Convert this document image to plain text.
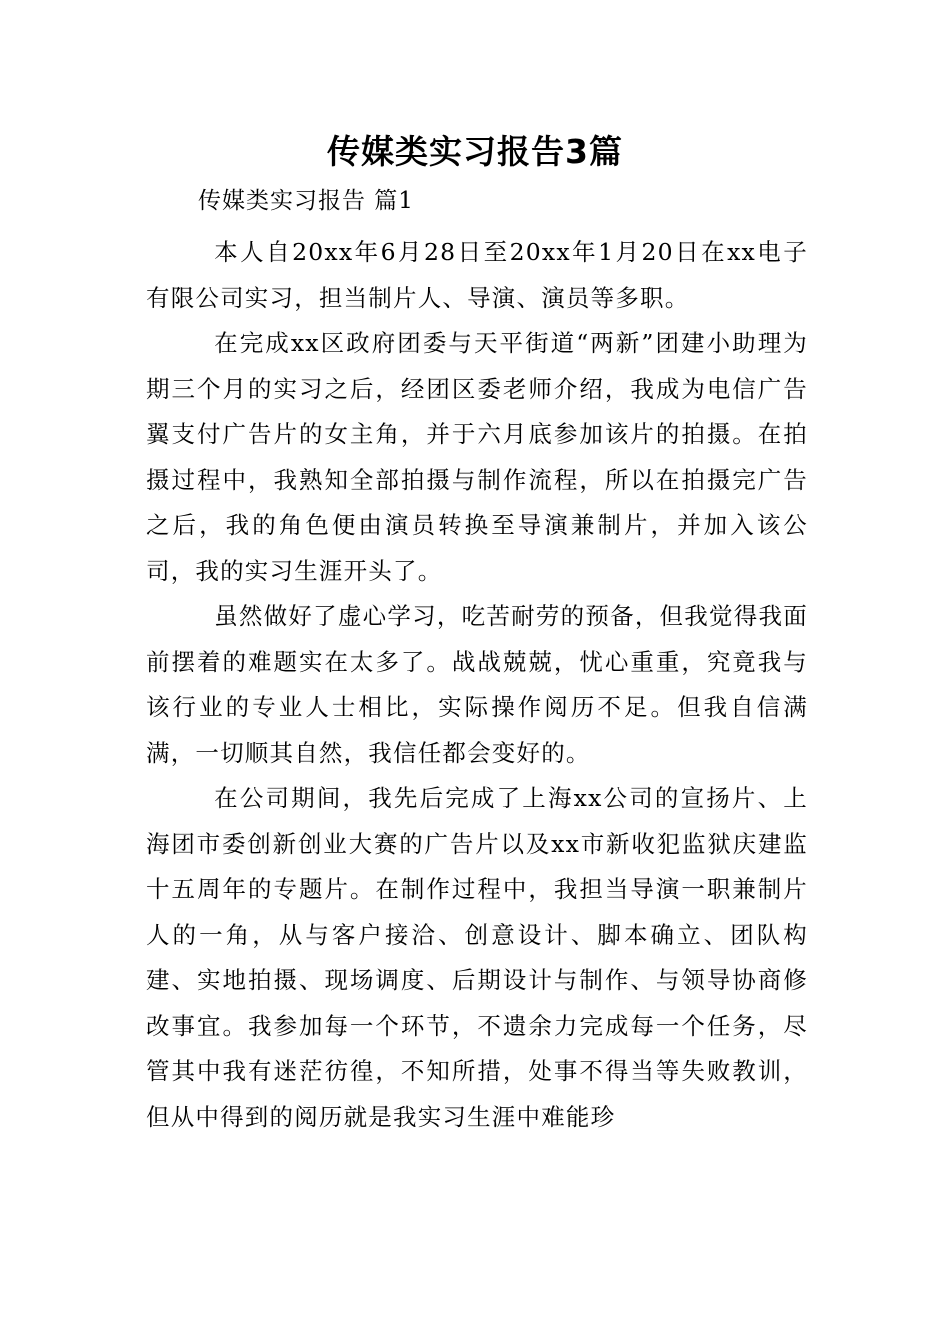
传媒类实习报告3篇

传媒类实习报告 篇1

本人自20xx年6月28日至20xx年1月20日在xx电子有限公司实习，担当制片人、导演、演员等多职。

在完成xx区政府团委与天平街道“两新”团建小助理为期三个月的实习之后，经团区委老师介绍，我成为电信广告翼支付广告片的女主角，并于六月底参加该片的拍摄。在拍摄过程中，我熟知全部拍摄与制作流程，所以在拍摄完广告之后，我的角色便由演员转换至导演兼制片，并加入该公司，我的实习生涯开头了。

虽然做好了虚心学习，吃苦耐劳的预备，但我觉得我面前摆着的难题实在太多了。战战兢兢，忧心重重，究竟我与该行业的专业人士相比，实际操作阅历不足。但我自信满满，一切顺其自然，我信任都会变好的。

在公司期间，我先后完成了上海xx公司的宣扬片、上海团市委创新创业大赛的广告片以及xx市新收犯监狱庆建监十五周年的专题片。在制作过程中，我担当导演一职兼制片人的一角，从与客户接洽、创意设计、脚本确立、团队构建、实地拍摄、现场调度、后期设计与制作、与领导协商修改事宜。我参加每一个环节，不遗余力完成每一个任务，尽管其中我有迷茫彷徨，不知所措，处事不得当等失败教训，但从中得到的阅历就是我实习生涯中难能珍
